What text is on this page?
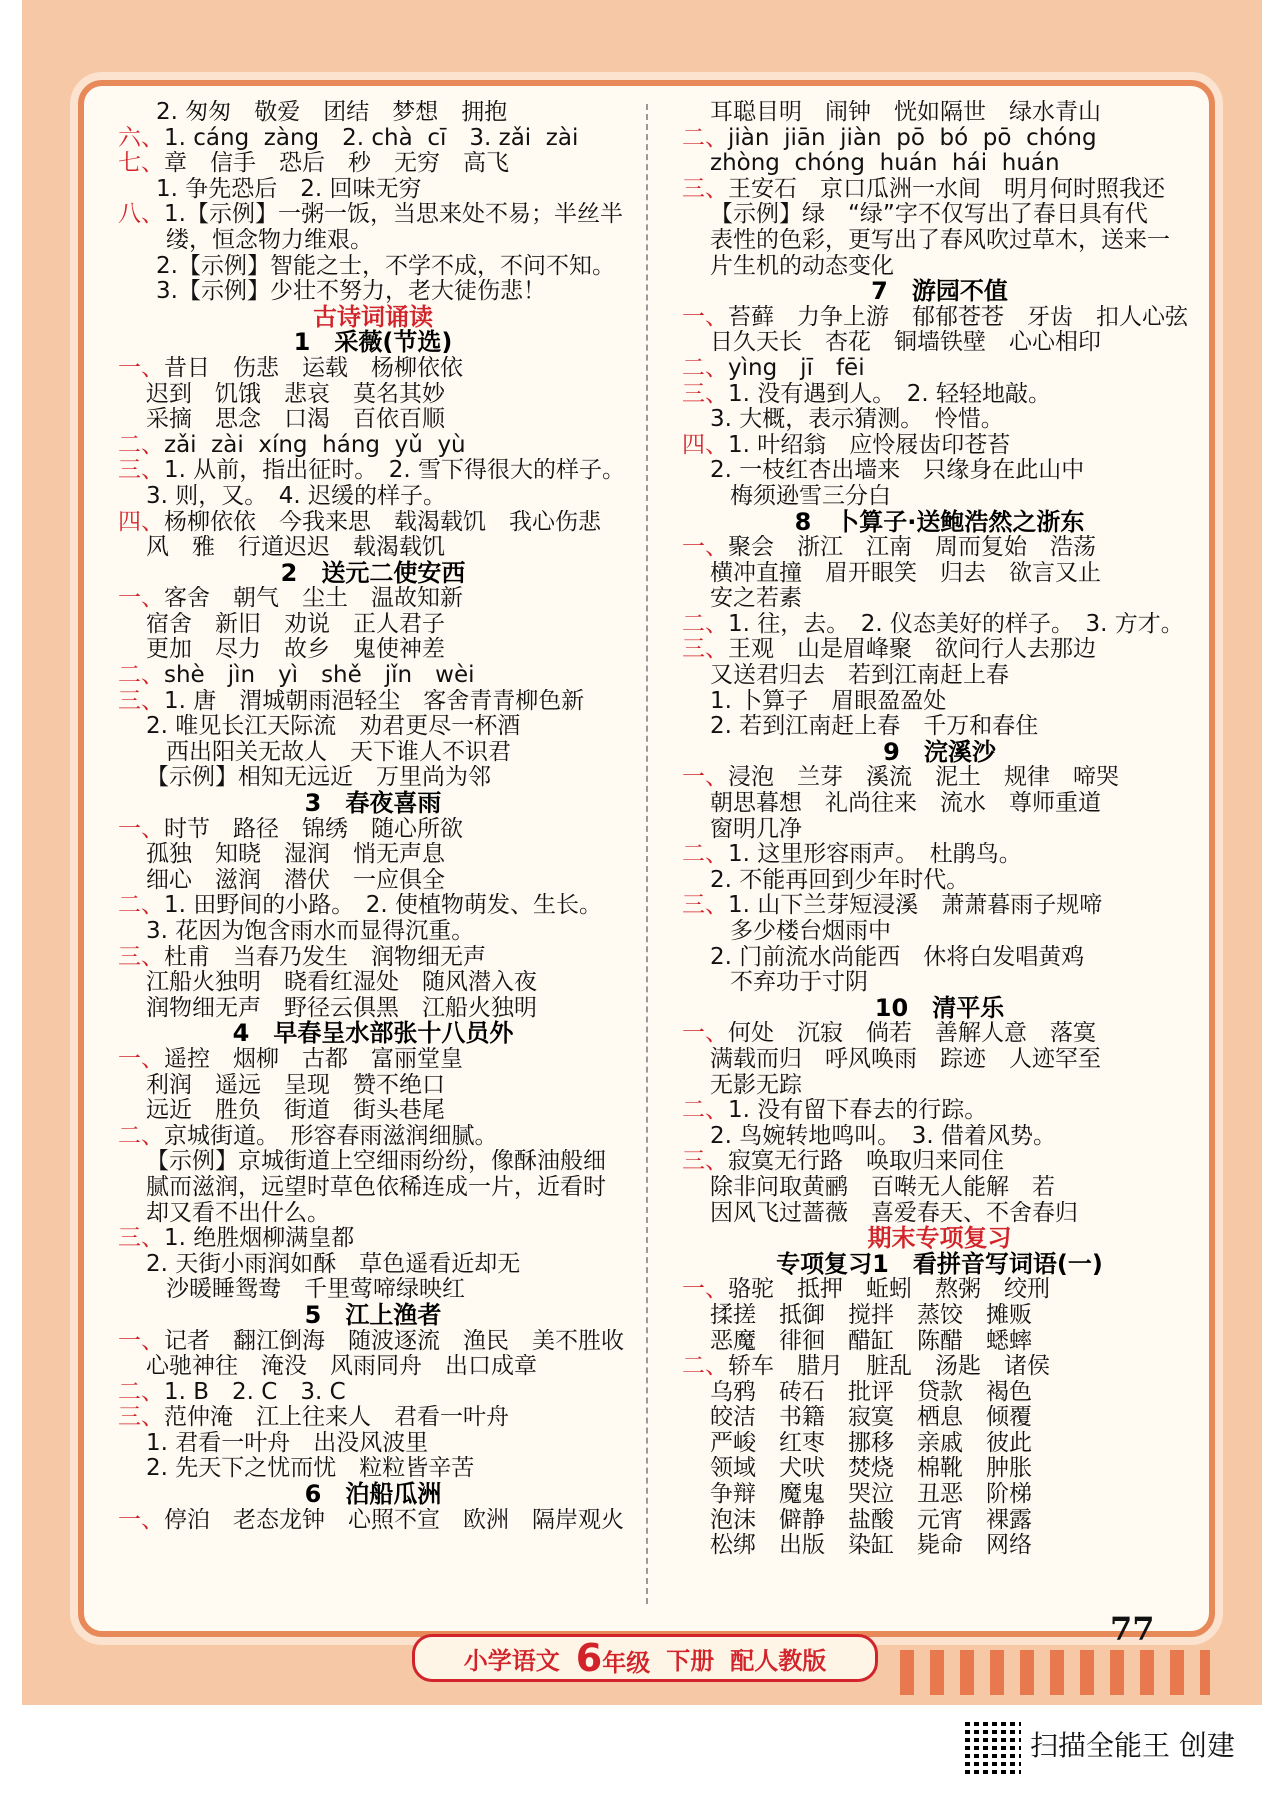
2. 匆匆　敬爱　团结　梦想　拥抱
六、1. cáng  zàng　2. chà  cī　3. zǎi  zài
七、章　信手　恐后　秒　无穷　高飞
1. 争先恐后　2. 回味无穷
八、1.【示例】一粥一饭，当思来处不易；半丝半
缕，恒念物力维艰。
2.【示例】智能之士，不学不成，不问不知。
3.【示例】少壮不努力，老大徒伤悲！
古诗词诵读
1　采薇(节选)
一、昔日　伤悲　运载　杨柳依依
迟到　饥饿　悲哀　莫名其妙
采摘　思念　口渴　百依百顺
二、zǎi  zài  xíng  háng  yǔ  yù
三、1. 从前，指出征时。　2. 雪下得很大的样子。
3. 则，又。　4. 迟缓的样子。
四、杨柳依依　今我来思　载渴载饥　我心伤悲
风　雅　行道迟迟　载渴载饥
2　送元二使安西
一、客舍　朝气　尘土　温故知新
宿舍　新旧　劝说　正人君子
更加　尽力　故乡　鬼使神差
二、shè　jìn　yì　shě　jǐn　wèi
三、1. 唐　渭城朝雨浥轻尘　客舍青青柳色新
2. 唯见长江天际流　劝君更尽一杯酒
西出阳关无故人　天下谁人不识君
【示例】相知无远近　万里尚为邻
3　春夜喜雨
一、时节　路径　锦绣　随心所欲
孤独　知晓　湿润　悄无声息
细心　滋润　潜伏　一应俱全
二、1. 田野间的小路。　2. 使植物萌发、生长。
3. 花因为饱含雨水而显得沉重。
三、杜甫　当春乃发生　润物细无声
江船火独明　晓看红湿处　随风潜入夜
润物细无声　野径云俱黑　江船火独明
4　早春呈水部张十八员外
一、遥控　烟柳　古都　富丽堂皇
利润　遥远　呈现　赞不绝口
远近　胜负　街道　街头巷尾
二、京城街道。　形容春雨滋润细腻。
【示例】京城街道上空细雨纷纷，像酥油般细
腻而滋润，远望时草色依稀连成一片，近看时
却又看不出什么。
三、1. 绝胜烟柳满皇都
2. 天街小雨润如酥　草色遥看近却无
沙暖睡鸳鸯　千里莺啼绿映红
5　江上渔者
一、记者　翻江倒海　随波逐流　渔民　美不胜收
心驰神往　淹没　风雨同舟　出口成章
二、1. B　2. C　3. C
三、范仲淹　江上往来人　君看一叶舟
1. 君看一叶舟　出没风波里
2. 先天下之忧而忧　粒粒皆辛苦
6　泊船瓜洲
一、停泊　老态龙钟　心照不宣　欧洲　隔岸观火
耳聪目明　闹钟　恍如隔世　绿水青山
二、jiàn  jiān  jiàn  pō  bó  pō  chóng
zhòng  chóng  huán  hái  huán
三、王安石　京口瓜洲一水间　明月何时照我还
【示例】绿　“绿”字不仅写出了春日具有代
表性的色彩，更写出了春风吹过草木，送来一
片生机的动态变化
7　游园不值
一、苔藓　力争上游　郁郁苍苍　牙齿　扣人心弦
日久天长　杏花　铜墙铁壁　心心相印
二、yìng　jī　fēi
三、1. 没有遇到人。　2. 轻轻地敲。
3. 大概，表示猜测。　怜惜。
四、1. 叶绍翁　应怜屐齿印苍苔
2. 一枝红杏出墙来　只缘身在此山中
梅须逊雪三分白
8　卜算子·送鲍浩然之浙东
一、聚会　浙江　江南　周而复始　浩荡
横冲直撞　眉开眼笑　归去　欲言又止
安之若素
二、1. 往，去。　2. 仪态美好的样子。　3. 方才。
三、王观　山是眉峰聚　欲问行人去那边
又送君归去　若到江南赶上春
1. 卜算子　眉眼盈盈处
2. 若到江南赶上春　千万和春住
9　浣溪沙
一、浸泡　兰芽　溪流　泥土　规律　啼哭
朝思暮想　礼尚往来　流水　尊师重道
窗明几净
二、1. 这里形容雨声。　杜鹃鸟。
2. 不能再回到少年时代。
三、1. 山下兰芽短浸溪　萧萧暮雨子规啼
多少楼台烟雨中
2. 门前流水尚能西　休将白发唱黄鸡
不弃功于寸阴
10　清平乐
一、何处　沉寂　倘若　善解人意　落寞
满载而归　呼风唤雨　踪迹　人迹罕至
无影无踪
二、1. 没有留下春去的行踪。
2. 鸟婉转地鸣叫。　3. 借着风势。
三、寂寞无行路　唤取归来同住
除非问取黄鹂　百啭无人能解　若
因风飞过蔷薇　喜爱春天、不舍春归
期末专项复习
专项复习1　看拼音写词语(一)
一、骆驼　抵押　蚯蚓　熬粥　绞刑
揉搓　抵御　搅拌　蒸饺　摊贩
恶魔　徘徊　醋缸　陈醋　蟋蟀
二、轿车　腊月　脏乱　汤匙　诸侯
乌鸦　砖石　批评　贷款　褐色
皎洁　书籍　寂寞　栖息　倾覆
严峻　红枣　挪移　亲戚　彼此
领域　犬吠　焚烧　棉靴　肿胀
争辩　魔鬼　哭泣　丑恶　阶梯
泡沫　僻静　盐酸　元宵　裸露
松绑　出版　染缸　毙命　网络
77
小学语文 6年级 下册 配人教版
扫描全能王 创建
